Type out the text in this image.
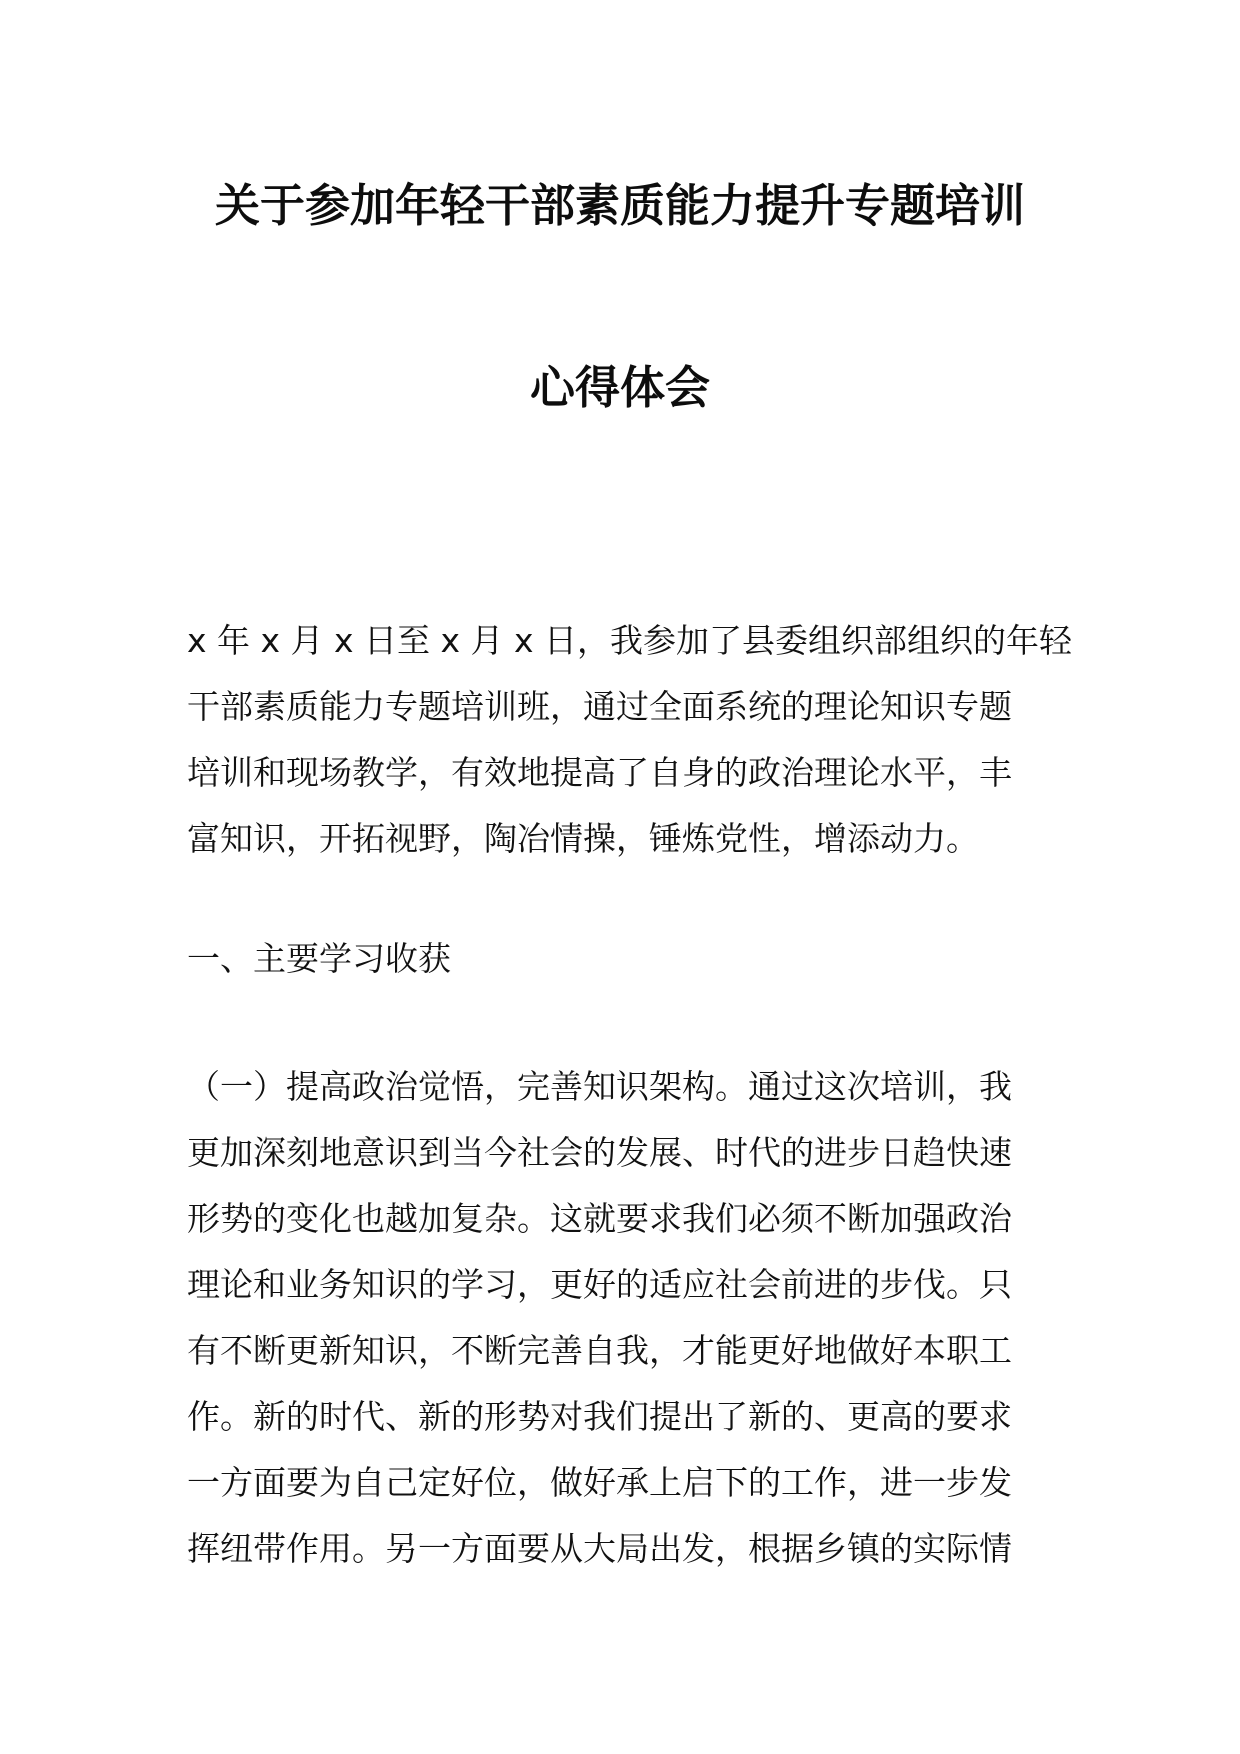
关于参加年轻干部素质能力提升专题培训
心得体会
x 年 x 月 x 日至 x 月 x 日，我参加了县委组织部组织的年轻
干部素质能力专题培训班，通过全面系统的理论知识专题
培训和现场教学，有效地提高了自身的政治理论水平，丰
富知识，开拓视野，陶冶情操，锤炼党性，增添动力。
一、主要学习收获
（一）提高政治觉悟，完善知识架构。通过这次培训，我
更加深刻地意识到当今社会的发展、时代的进步日趋快速
形势的变化也越加复杂。这就要求我们必须不断加强政治
理论和业务知识的学习，更好的适应社会前进的步伐。只
有不断更新知识，不断完善自我，才能更好地做好本职工
作。新的时代、新的形势对我们提出了新的、更高的要求
一方面要为自己定好位，做好承上启下的工作，进一步发
挥纽带作用。另一方面要从大局出发，根据乡镇的实际情
